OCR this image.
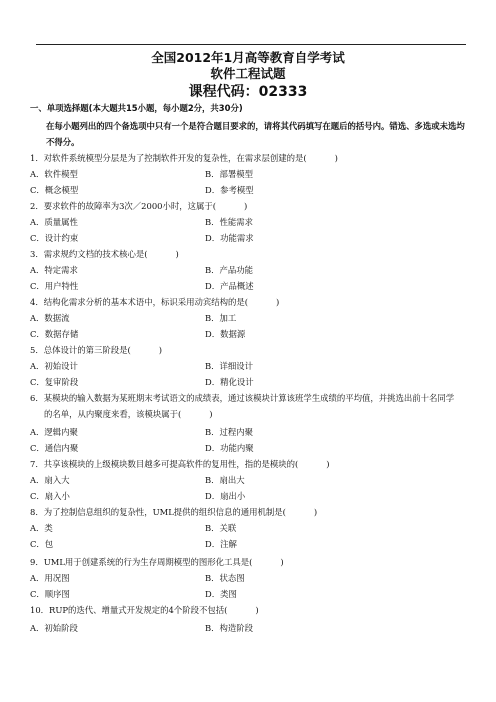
全国2012年1月高等教育自学考试
软件工程试题
课程代码：02333
一、单项选择题(本大题共15小题，每小题2分，共30分)
在每小题列出的四个备选项中只有一个是符合题目要求的，请将其代码填写在题后的括号内。错选、多选或未选均不得分。
1．对软件系统模型分层是为了控制软件开发的复杂性，在需求层创建的是(	)
A．软件模型	B．部署模型
C．概念模型	D．参考模型
2．要求软件的故障率为3次／2000小时，这属于(	)
A．质量属性	B．性能需求
C．设计约束	D．功能需求
3．需求规约文档的技术核心是(	)
A．特定需求	B．产品功能
C．用户特性	D．产品概述
4．结构化需求分析的基本术语中，标识采用动宾结构的是(	)
A．数据流	B．加工
C．数据存储	D．数据源
5．总体设计的第三阶段是(	)
A．初始设计	B．详细设计
C．复审阶段	D．精化设计
6．某模块的输入数据为某班期末考试语文的成绩表，通过该模块计算该班学生成绩的平均值，并挑选出前十名同学
的名单，从内聚度来看，该模块属于(	)
A．逻辑内聚	B．过程内聚
C．通信内聚	D．功能内聚
7．共享该模块的上级模块数目越多可提高软件的复用性，指的是模块的(	)
A．扇入大	B．扇出大
C．扇入小	D．扇出小
8．为了控制信息组织的复杂性，UML提供的组织信息的通用机制是(	)
A．类	B．关联
C．包	D．注解
9．UML用于创建系统的行为生存周期模型的图形化工具是(	)
A．用况图	B．状态图
C．顺序图	D．类图
10．RUP的迭代、增量式开发规定的4个阶段不包括(	)
A．初始阶段	B．构造阶段
